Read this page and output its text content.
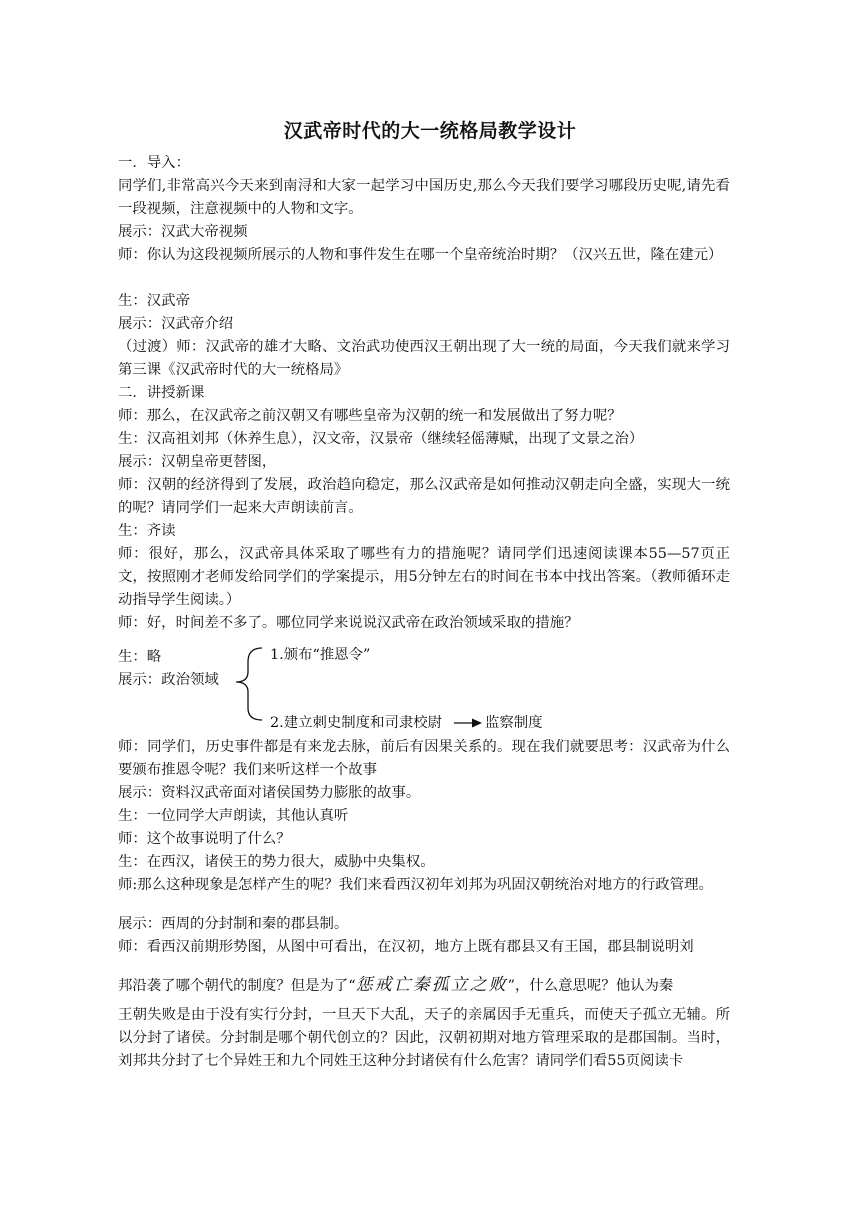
汉武帝时代的大一统格局教学设计

一．导入：

同学们,非常高兴今天来到南浔和大家一起学习中国历史,那么今天我们要学习哪段历史呢,请先看一段视频，注意视频中的人物和文字。

展示：汉武大帝视频

师：你认为这段视频所展示的人物和事件发生在哪一个皇帝统治时期？（汉兴五世，隆在建元）

生：汉武帝

展示：汉武帝介绍

（过渡）师：汉武帝的雄才大略、文治武功使西汉王朝出现了大一统的局面，今天我们就来学习第三课《汉武帝时代的大一统格局》

二．讲授新课

师：那么，在汉武帝之前汉朝又有哪些皇帝为汉朝的统一和发展做出了努力呢？

生：汉高祖刘邦（休养生息），汉文帝，汉景帝（继续轻傜薄赋，出现了文景之治）

展示：汉朝皇帝更替图，

师：汉朝的经济得到了发展，政治趋向稳定，那么汉武帝是如何推动汉朝走向全盛，实现大一统的呢？请同学们一起来大声朗读前言。

生：齐读

师：很好，那么，汉武帝具体采取了哪些有力的措施呢？请同学们迅速阅读课本55—57页正文，按照刚才老师发给同学们的学案提示，用5分钟左右的时间在书本中找出答案。（教师循环走动指导学生阅读。）

师：好，时间差不多了。哪位同学来说说汉武帝在政治领域采取的措施？

生：略
展示：政治领域
1.颁布“推恩令”
2.建立刺史制度和司隶校尉	监察制度

师：同学们，历史事件都是有来龙去脉，前后有因果关系的。现在我们就要思考：汉武帝为什么要颁布推恩令呢？我们来听这样一个故事

展示：资料汉武帝面对诸侯国势力膨胀的故事。

生：一位同学大声朗读，其他认真听

师：这个故事说明了什么？

生：在西汉，诸侯王的势力很大，威胁中央集权。

师:那么这种现象是怎样产生的呢？我们来看西汉初年刘邦为巩固汉朝统治对地方的行政管理。

展示：西周的分封制和秦的郡县制。

师：看西汉前期形势图，从图中可看出，在汉初，地方上既有郡县又有王国，郡县制说明刘

邦沿袭了哪个朝代的制度？但是为了“惩戒亡秦孤立之败”，什么意思呢？他认为秦

王朝失败是由于没有实行分封，一旦天下大乱，天子的亲属因手无重兵，而使天子孤立无辅。所以分封了诸侯。分封制是哪个朝代创立的？因此，汉朝初期对地方管理采取的是郡国制。当时，刘邦共分封了七个异姓王和九个同姓王这种分封诸侯有什么危害？请同学们看55页阅读卡
